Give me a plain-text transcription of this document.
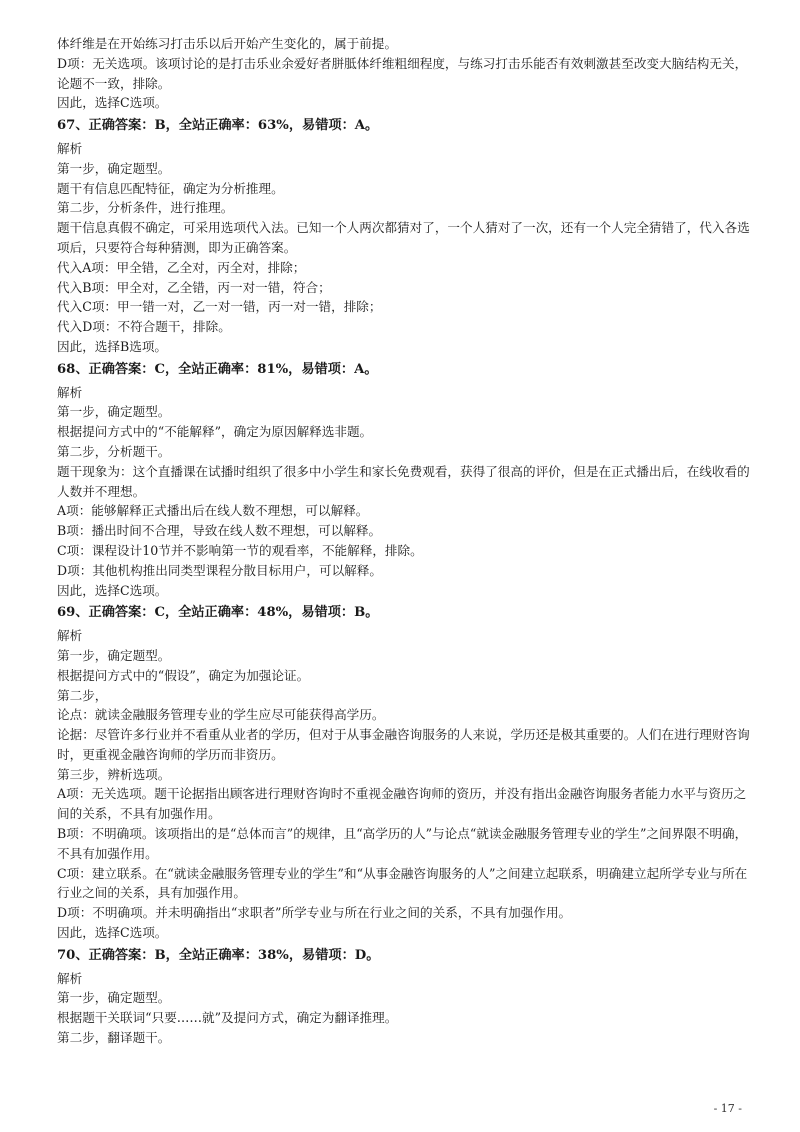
体纤维是在开始练习打击乐以后开始产生变化的，属于前提。
D项：无关选项。该项讨论的是打击乐业余爱好者胼胝体纤维粗细程度，与练习打击乐能否有效刺激甚至改变大脑结构无关，论题不一致，排除。
因此，选择C选项。
67、正确答案：B，全站正确率：63%，易错项：A。
解析
第一步，确定题型。
题干有信息匹配特征，确定为分析推理。
第二步，分析条件，进行推理。
题干信息真假不确定，可采用选项代入法。已知一个人两次都猜对了，一个人猜对了一次，还有一个人完全猜错了，代入各选项后，只要符合每种猜测，即为正确答案。
代入A项：甲全错，乙全对，丙全对，排除；
代入B项：甲全对，乙全错，丙一对一错，符合；
代入C项：甲一错一对，乙一对一错，丙一对一错，排除；
代入D项：不符合题干，排除。
因此，选择B选项。
68、正确答案：C，全站正确率：81%，易错项：A。
解析
第一步，确定题型。
根据提问方式中的“不能解释”，确定为原因解释选非题。
第二步，分析题干。
题干现象为：这个直播课在试播时组织了很多中小学生和家长免费观看，获得了很高的评价，但是在正式播出后，在线收看的人数并不理想。
A项：能够解释正式播出后在线人数不理想，可以解释。
B项：播出时间不合理，导致在线人数不理想，可以解释。
C项：课程设计10节并不影响第一节的观看率，不能解释，排除。
D项：其他机构推出同类型课程分散目标用户，可以解释。
因此，选择C选项。
69、正确答案：C，全站正确率：48%，易错项：B。
解析
第一步，确定题型。
根据提问方式中的“假设”，确定为加强论证。
第二步，
论点：就读金融服务管理专业的学生应尽可能获得高学历。
论据：尽管许多行业并不看重从业者的学历，但对于从事金融咨询服务的人来说，学历还是极其重要的。人们在进行理财咨询时，更重视金融咨询师的学历而非资历。
第三步，辨析选项。
A项：无关选项。题干论据指出顾客进行理财咨询时不重视金融咨询师的资历，并没有指出金融咨询服务者能力水平与资历之间的关系，不具有加强作用。
B项：不明确项。该项指出的是“总体而言”的规律，且“高学历的人”与论点“就读金融服务管理专业的学生”之间界限不明确，不具有加强作用。
C项：建立联系。在“就读金融服务管理专业的学生”和“从事金融咨询服务的人”之间建立起联系，明确建立起所学专业与所在行业之间的关系，具有加强作用。
D项：不明确项。并未明确指出“求职者”所学专业与所在行业之间的关系，不具有加强作用。
因此，选择C选项。
70、正确答案：B，全站正确率：38%，易错项：D。
解析
第一步，确定题型。
根据题干关联词“只要……就”及提问方式，确定为翻译推理。
第二步，翻译题干。
- 17 -
